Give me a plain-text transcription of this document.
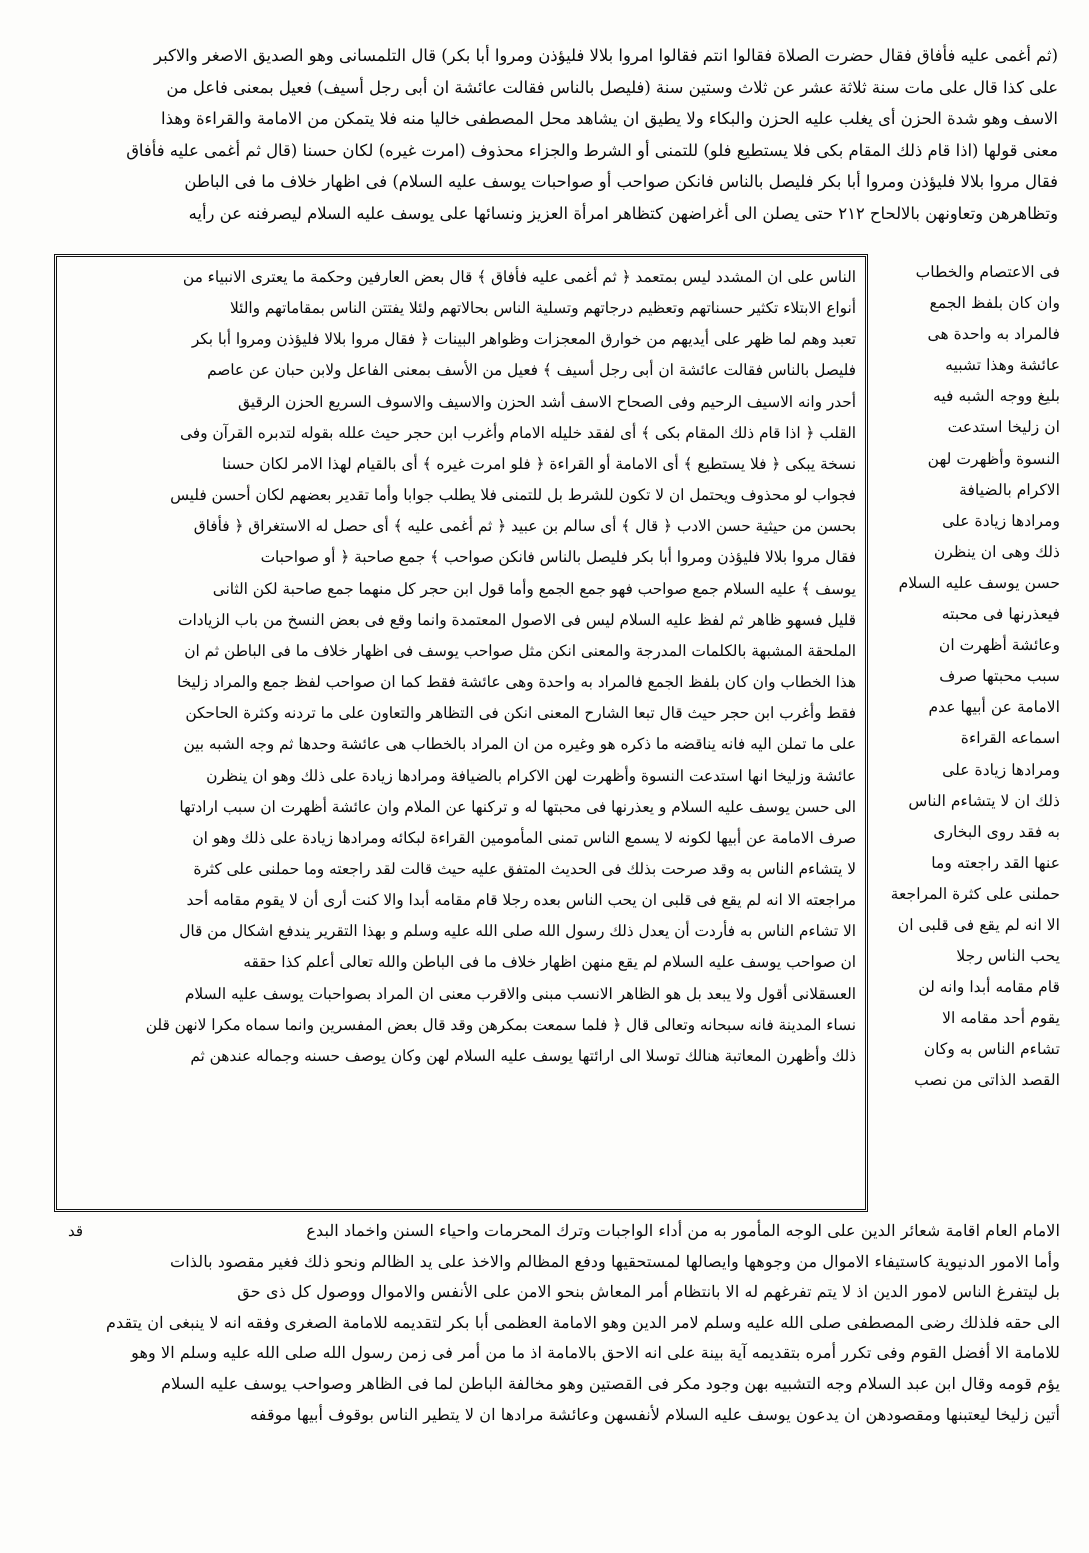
(ثم أغمى عليه فأفاق فقال حضرت الصلاة فقالوا انتم فقالوا امروا بلالا فليؤذن ومروا أبا بكر) قال التلمسانى وهو الصديق الاصغر والاكبر

على كذا قال على مات سنة ثلاثة عشر عن ثلاث وستين سنة (فليصل بالناس فقالت عائشة ان أبى رجل أسيف) فعيل بمعنى فاعل من

الاسف وهو شدة الحزن أى يغلب عليه الحزن والبكاء ولا يطيق ان يشاهد محل المصطفى خاليا منه فلا يتمكن من الامامة والقراءة وهذا

معنى قولها (اذا قام ذلك المقام بكى فلا يستطيع فلو) للتمنى أو الشرط والجزاء محذوف (امرت غيره) لكان حسنا (قال ثم أغمى عليه فأفاق

فقال مروا بلالا فليؤذن ومروا أبا بكر فليصل بالناس فانكن صواحب أو صواحبات يوسف عليه السلام) فى اظهار خلاف ما فى الباطن

وتظاهرهن وتعاونهن بالالحاح ٢١٢ حتى يصلن الى أغراضهن كتظاهر امرأة العزيز ونسائها على يوسف عليه السلام ليصرفنه عن رأيه

فى الاعتصام والخطاب

وان كان بلفظ الجمع

فالمراد به واحدة هى

عائشة وهذا تشبيه

بليغ ووجه الشبه فيه

ان زليخا استدعت

النسوة وأظهرت لهن

الاكرام بالضيافة

ومرادها زيادة على

ذلك وهى ان ينظرن

حسن يوسف عليه السلام

فيعذرنها فى محبته

وعائشة أظهرت ان

سبب محبتها صرف

الامامة عن أبيها عدم

اسماعه القراءة

ومرادها زيادة على

ذلك ان لا يتشاءم الناس

به فقد روى البخارى

عنها القد راجعته وما

حملنى على كثرة المراجعة

الا انه لم يقع فى قلبى ان

يحب الناس رجلا

قام مقامه أبدا وانه لن

يقوم أحد مقامه الا

تشاءم الناس به وكان

القصد الذاتى من نصب

الناس على ان المشدد ليس بمتعمد ﴿ ثم أغمى عليه فأفاق ﴾ قال بعض العارفين وحكمة ما يعترى الانبياء من

أنواع الابتلاء تكثير حسناتهم وتعظيم درجاتهم وتسلية الناس بحالاتهم ولئلا يفتتن الناس بمقاماتهم والئلا

تعبد وهم لما ظهر على أيديهم من خوارق المعجزات وظواهر البينات ﴿ فقال مروا بلالا فليؤذن ومروا أبا بكر

فليصل بالناس فقالت عائشة ان أبى رجل أسيف ﴾ فعيل من الأسف بمعنى الفاعل ولابن حبان عن عاصم

أحدر وانه الاسيف الرحيم وفى الصحاح الاسف أشد الحزن والاسيف والاسوف السريع الحزن الرقيق

القلب ﴿ اذا قام ذلك المقام بكى ﴾ أى لفقد خليله الامام وأغرب ابن حجر حيث علله بقوله لتدبره القرآن وفى

نسخة يبكى ﴿ فلا يستطيع ﴾ أى الامامة أو القراءة ﴿ فلو امرت غيره ﴾ أى بالقيام لهذا الامر لكان حسنا

فجواب لو محذوف ويحتمل ان لا تكون للشرط بل للتمنى فلا يطلب جوابا وأما تقدير بعضهم لكان أحسن فليس

بحسن من حيثية حسن الادب ﴿ قال ﴾ أى سالم بن عبيد ﴿ ثم أغمى عليه ﴾ أى حصل له الاستغراق ﴿ فأفاق

فقال مروا بلالا فليؤذن ومروا أبا بكر فليصل بالناس فانكن صواحب ﴾ جمع صاحبة ﴿ أو صواحبات

يوسف ﴾ عليه السلام جمع صواحب فهو جمع الجمع وأما قول ابن حجر كل منهما جمع صاحبة لكن الثانى

قليل فسهو ظاهر ثم لفظ عليه السلام ليس فى الاصول المعتمدة وانما وقع فى بعض النسخ من باب الزيادات

الملحقة المشبهة بالكلمات المدرجة والمعنى انكن مثل صواحب يوسف فى اظهار خلاف ما فى الباطن ثم ان

هذا الخطاب وان كان بلفظ الجمع فالمراد به واحدة وهى عائشة فقط كما ان صواحب لفظ جمع والمراد زليخا

فقط وأغرب ابن حجر حيث قال تبعا الشارح المعنى انكن فى التظاهر والتعاون على ما تردنه وكثرة الحاحكن

على ما تملن اليه فانه يناقضه ما ذكره هو وغيره من ان المراد بالخطاب هى عائشة وحدها ثم وجه الشبه بين

عائشة وزليخا انها استدعت النسوة وأظهرت لهن الاكرام بالضيافة ومرادها زيادة على ذلك وهو ان ينظرن

الى حسن يوسف عليه السلام و يعذرنها فى محبتها له و تركنها عن الملام وان عائشة أظهرت ان سبب ارادتها

صرف الامامة عن أبيها لكونه لا يسمع الناس تمنى المأمومين القراءة لبكائه ومرادها زيادة على ذلك وهو ان

لا يتشاءم الناس به وقد صرحت بذلك فى الحديث المتفق عليه حيث قالت لقد راجعته وما حملنى على كثرة

مراجعته الا انه لم يقع فى قلبى ان يحب الناس بعده رجلا قام مقامه أبدا والا كنت أرى أن لا يقوم مقامه أحد

الا تشاءم الناس به فأردت أن يعدل ذلك رسول الله صلى الله عليه وسلم و بهذا التقرير يندفع اشكال من قال

ان صواحب يوسف عليه السلام لم يقع منهن اظهار خلاف ما فى الباطن والله تعالى أعلم كذا حققه

العسقلانى أقول ولا يبعد بل هو الظاهر الانسب مبنى والاقرب معنى ان المراد بصواحبات يوسف عليه السلام

نساء المدينة فانه سبحانه وتعالى قال ﴿ فلما سمعت بمكرهن وقد قال بعض المفسرين وانما سماه مكرا لانهن قلن

ذلك وأظهرن المعاتبة هنالك توسلا الى ارائتها يوسف عليه السلام لهن وكان يوصف حسنه وجماله عندهن ثم

الامام العام اقامة شعائر الدين على الوجه المأمور به من أداء الواجبات وترك المحرمات واحياء السنن واخماد البدع
قد

وأما الامور الدنيوية كاستيفاء الاموال من وجوهها وايصالها لمستحقيها ودفع المظالم والاخذ على يد الظالم ونحو ذلك فغير مقصود بالذات

بل ليتفرغ الناس لامور الدين اذ لا يتم تفرغهم له الا بانتظام أمر المعاش بنحو الامن على الأنفس والاموال ووصول كل ذى حق

الى حقه فلذلك رضى المصطفى صلى الله عليه وسلم لامر الدين وهو الامامة العظمى أبا بكر لتقديمه للامامة الصغرى وفقه انه لا ينبغى ان يتقدم

للامامة الا أفضل القوم وفى تكرر أمره بتقديمه آية بينة على انه الاحق بالامامة اذ ما من أمر فى زمن رسول الله صلى الله عليه وسلم الا وهو

يؤم قومه وقال ابن عبد السلام وجه التشبيه بهن وجود مكر فى القصتين وهو مخالفة الباطن لما فى الظاهر وصواحب يوسف عليه السلام

أتين زليخا ليعتبنها ومقصودهن ان يدعون يوسف عليه السلام لأنفسهن وعائشة مرادها ان لا يتطير الناس بوقوف أبيها موقفه
